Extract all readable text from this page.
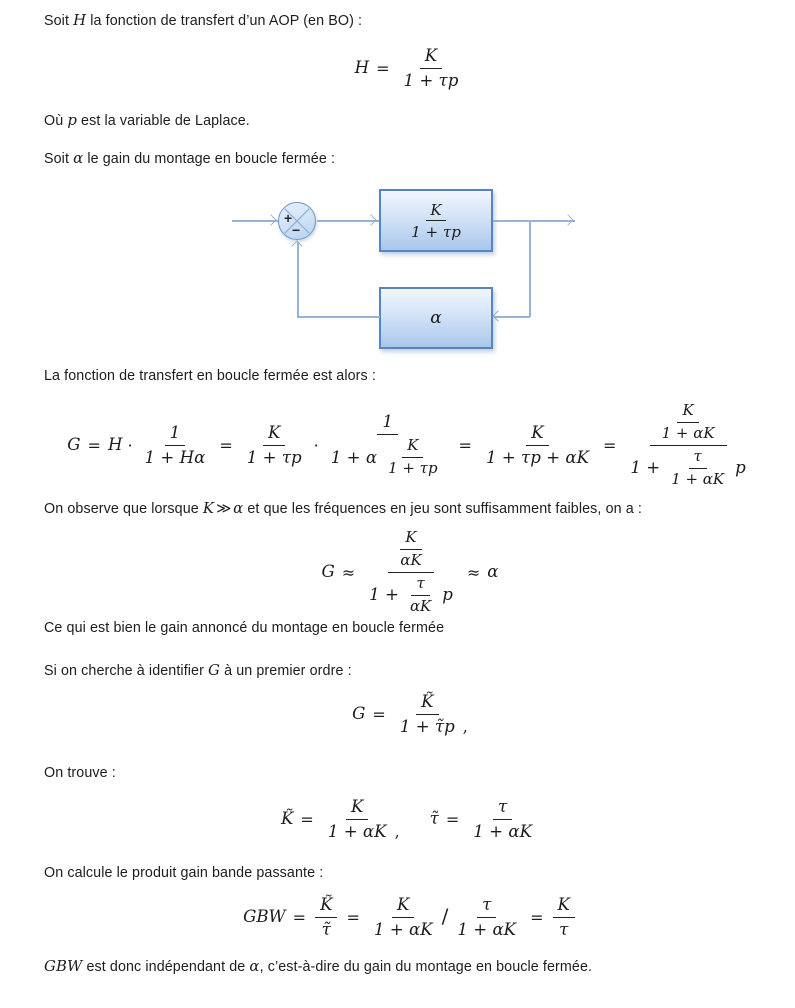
Soit H la fonction de transfert d’un AOP (en BO) :

$H = \frac{K}{1 + \tau p}$

Où p est la variable de Laplace.

Soit α le gain du montage en boucle fermée :

+
−	$\frac{K}{1 + \tau p}$
α

La fonction de transfert en boucle fermée est alors :

$G = H \cdot \frac{1}{1 + H\alpha} = \frac{K}{1 + \tau p} \cdot \frac{1}{1 + \alpha \frac{K}{1 + \tau p}} = \frac{K}{1 + \tau p + \alpha K} = \frac{\frac{K}{1 + \alpha K}}{1 + \frac{\tau}{1 + \alpha K} p}$

On observe que lorsque K ≫ α et que les fréquences en jeu sont suffisamment faibles, on a :

$G \approx \frac{\frac{K}{\alpha K}}{1 + \frac{\tau}{\alpha K} p} \approx \alpha$

Ce qui est bien le gain annoncé du montage en boucle fermée

Si on cherche à identifier G à un premier ordre :

$G = \frac{K̃}{1 + \taũp}$ ,

On trouve :

K̃ = $\frac{K}{1 + \alpha K}$ ,
τ̃ = $\frac{\tau}{1 + \alpha K}$

On calcule le produit gain bande passante :

GBW = $\frac{K̃}{\taũ} = \frac{K}{1 + \alpha K} / \frac{\tau}{1 + \alpha K} = \frac{K}{\tau}$

GBW est donc indépendant de α, c’est-à-dire du gain du montage en boucle fermée.
